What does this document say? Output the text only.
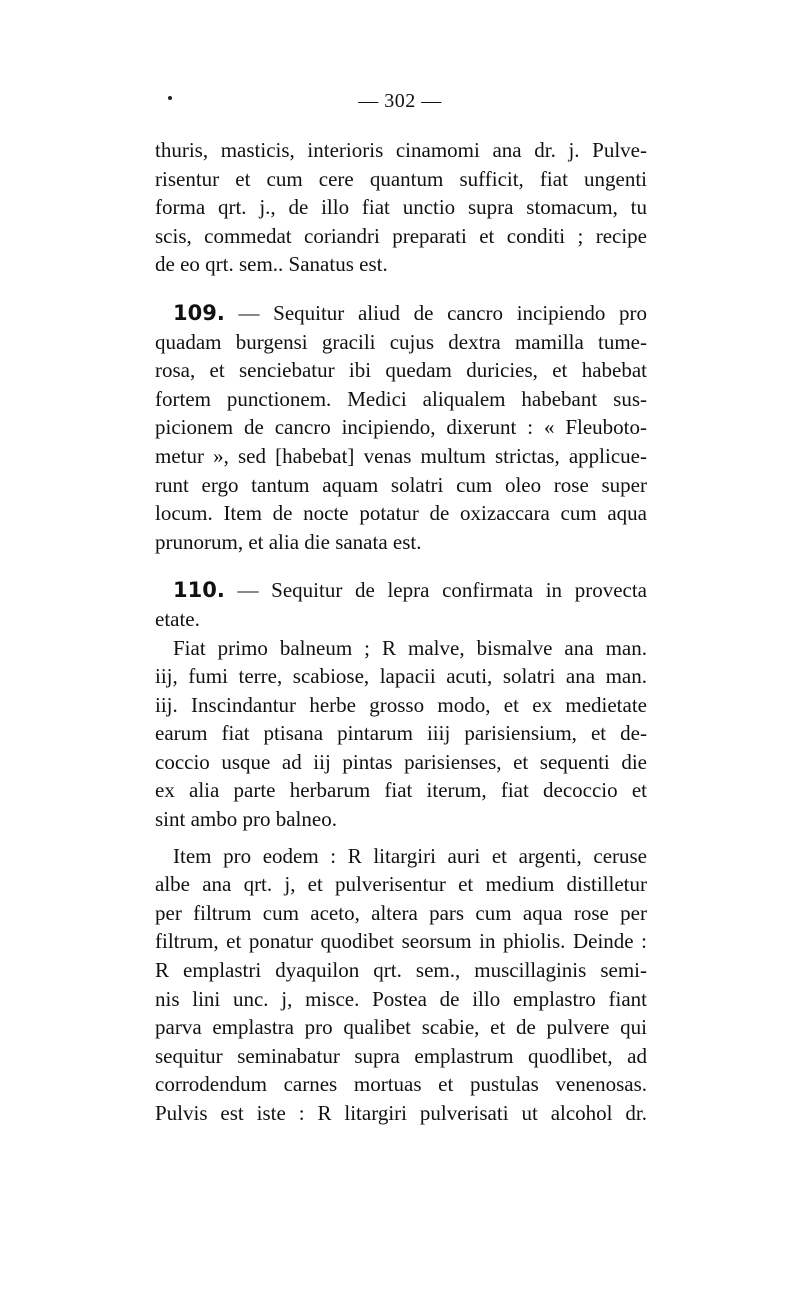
— 302 —
thuris, masticis, interioris cinamomi ana dr. j. Pulve-
risentur et cum cere quantum sufficit, fiat ungenti
forma qrt. j., de illo fiat unctio supra stomacum, tu
scis, commedat coriandri preparati et conditi ; recipe
de eo qrt. sem.. Sanatus est.
109. — Sequitur aliud de cancro incipiendo pro
quadam burgensi gracili cujus dextra mamilla tume-
rosa, et senciebatur ibi quedam duricies, et habebat
fortem punctionem. Medici aliqualem habebant sus-
picionem de cancro incipiendo, dixerunt : « Fleuboto-
metur », sed [habebat] venas multum strictas, applicue-
runt ergo tantum aquam solatri cum oleo rose super
locum. Item de nocte potatur de oxizaccara cum aqua
prunorum, et alia die sanata est.
110. — Sequitur de lepra confirmata in provecta
etate.
Fiat primo balneum ; R malve, bismalve ana man.
iij, fumi terre, scabiose, lapacii acuti, solatri ana man.
iij. Inscindantur herbe grosso modo, et ex medietate
earum fiat ptisana pintarum iiij parisiensium, et de-
coccio usque ad iij pintas parisienses, et sequenti die
ex alia parte herbarum fiat iterum, fiat decoccio et
sint ambo pro balneo.
Item pro eodem : R litargiri auri et argenti, ceruse
albe ana qrt. j, et pulverisentur et medium distilletur
per filtrum cum aceto, altera pars cum aqua rose per
filtrum, et ponatur quodibet seorsum in phiolis. Deinde :
R emplastri dyaquilon qrt. sem., muscillaginis semi-
nis lini unc. j, misce. Postea de illo emplastro fiant
parva emplastra pro qualibet scabie, et de pulvere qui
sequitur seminabatur supra emplastrum quodlibet, ad
corrodendum carnes mortuas et pustulas venenosas.
Pulvis est iste : R litargiri pulverisati ut alcohol dr.
